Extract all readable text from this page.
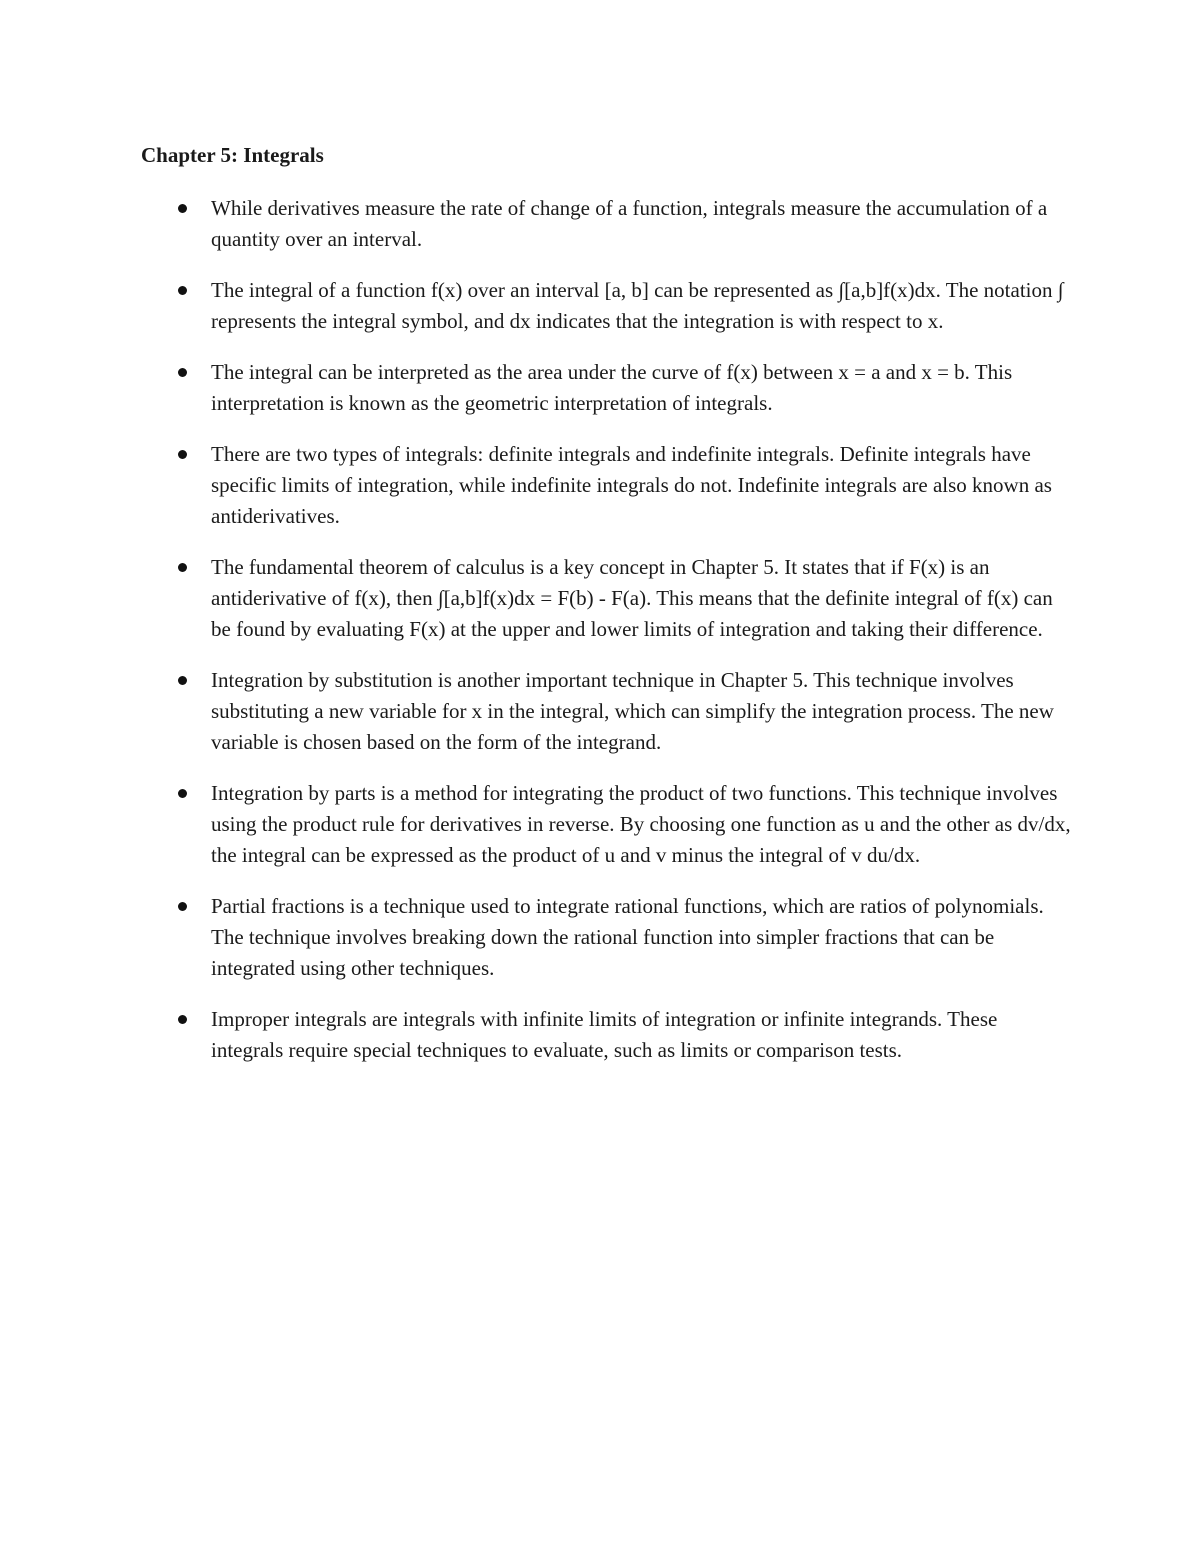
Chapter 5: Integrals
While derivatives measure the rate of change of a function, integrals measure the accumulation of a quantity over an interval.
The integral of a function f(x) over an interval [a, b] can be represented as ∫[a,b]f(x)dx. The notation ∫ represents the integral symbol, and dx indicates that the integration is with respect to x.
The integral can be interpreted as the area under the curve of f(x) between x = a and x = b. This interpretation is known as the geometric interpretation of integrals.
There are two types of integrals: definite integrals and indefinite integrals. Definite integrals have specific limits of integration, while indefinite integrals do not. Indefinite integrals are also known as antiderivatives.
The fundamental theorem of calculus is a key concept in Chapter 5. It states that if F(x) is an antiderivative of f(x), then ∫[a,b]f(x)dx = F(b) - F(a). This means that the definite integral of f(x) can be found by evaluating F(x) at the upper and lower limits of integration and taking their difference.
Integration by substitution is another important technique in Chapter 5. This technique involves substituting a new variable for x in the integral, which can simplify the integration process. The new variable is chosen based on the form of the integrand.
Integration by parts is a method for integrating the product of two functions. This technique involves using the product rule for derivatives in reverse. By choosing one function as u and the other as dv/dx, the integral can be expressed as the product of u and v minus the integral of v du/dx.
Partial fractions is a technique used to integrate rational functions, which are ratios of polynomials. The technique involves breaking down the rational function into simpler fractions that can be integrated using other techniques.
Improper integrals are integrals with infinite limits of integration or infinite integrands. These integrals require special techniques to evaluate, such as limits or comparison tests.
